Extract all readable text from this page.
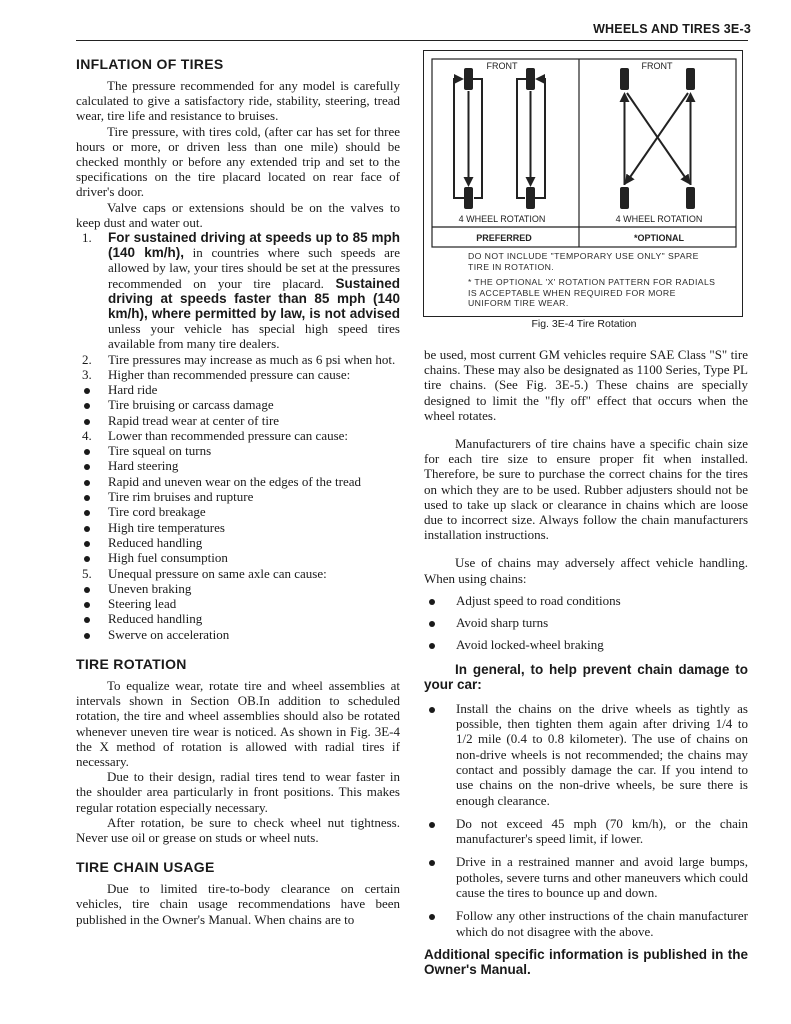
WHEELS AND TIRES 3E-3
INFLATION OF TIRES

The pressure recommended for any model is carefully calculated to give a satisfactory ride, stability, steering, tread wear, tire life and resistance to bruises.

Tire pressure, with tires cold, (after car has set for three hours or more, or driven less than one mile) should be checked monthly or before any extended trip and set to the specifications on the tire placard located on rear face of driver's door.

Valve caps or extensions should be on the valves to keep dust and water out.

1. For sustained driving at speeds up to 85 mph (140 km/h), in countries where such speeds are allowed by law, your tires should be set at the pressures recommended on your tire placard. Sustained driving at speeds faster than 85 mph (140 km/h), where permitted by law, is not advised unless your vehicle has special high speed tires available from many tire dealers.
2. Tire pressures may increase as much as 6 psi when hot.
3. Higher than recommended pressure can cause:
Hard ride
Tire bruising or carcass damage
Rapid tread wear at center of tire
4. Lower than recommended pressure can cause:
Tire squeal on turns
Hard steering
Rapid and uneven wear on the edges of the tread
Tire rim bruises and rupture
Tire cord breakage
High tire temperatures
Reduced handling
High fuel consumption
5. Unequal pressure on same axle can cause:
Uneven braking
Steering lead
Reduced handling
Swerve on acceleration
TIRE ROTATION

To equalize wear, rotate tire and wheel assemblies at intervals shown in Section OB.In addition to scheduled rotation, the tire and wheel assemblies should also be rotated whenever uneven tire wear is noticed. As shown in Fig. 3E-4 the X method of rotation is allowed with radial tires if necessary.

Due to their design, radial tires tend to wear faster in the shoulder area particularly in front positions. This makes regular rotation especially necessary.

After rotation, be sure to check wheel nut tightness. Never use oil or grease on studs or wheel nuts.

TIRE CHAIN USAGE

Due to limited tire-to-body clearance on certain vehicles, tire chain usage recommendations have been published in the Owner's Manual. When chains are to

FRONT	FRONT
4 WHEEL ROTATION	4 WHEEL ROTATION
PREFERRED	*OPTIONAL
DO NOT INCLUDE "TEMPORARY USE ONLY" SPARE TIRE IN ROTATION.
* THE OPTIONAL 'X' ROTATION PATTERN FOR RADIALS IS ACCEPTABLE WHEN REQUIRED FOR MORE UNIFORM TIRE WEAR.
Fig. 3E-4 Tire Rotation

be used, most current GM vehicles require SAE Class "S" tire chains. These may also be designated as 1100 Series, Type PL tire chains. (See Fig. 3E-5.) These chains are specially designed to limit the "fly off" effect that occurs when the wheel rotates.

Manufacturers of tire chains have a specific chain size for each tire size to ensure proper fit when installed. Therefore, be sure to purchase the correct chains for the tires on which they are to be used. Rubber adjusters should not be used to take up slack or clearance in chains which are loose due to incorrect size. Always follow the chain manufacturers installation instructions.

Use of chains may adversely affect vehicle handling. When using chains:

Adjust speed to road conditions
Avoid sharp turns
Avoid locked-wheel braking

In general, to help prevent chain damage to your car:

Install the chains on the drive wheels as tightly as possible, then tighten them again after driving 1/4 to 1/2 mile (0.4 to 0.8 kilometer). The use of chains on non-drive wheels is not recommended; the chains may contact and possibly damage the car. If you intend to use chains on the non-drive wheels, be sure there is enough clearance.
Do not exceed 45 mph (70 km/h), or the chain manufacturer's speed limit, if lower.
Drive in a restrained manner and avoid large bumps, potholes, severe turns and other maneuvers which could cause the tires to bounce up and down.
Follow any other instructions of the chain manufacturer which do not disagree with the above.

Additional specific information is published in the Owner's Manual.
